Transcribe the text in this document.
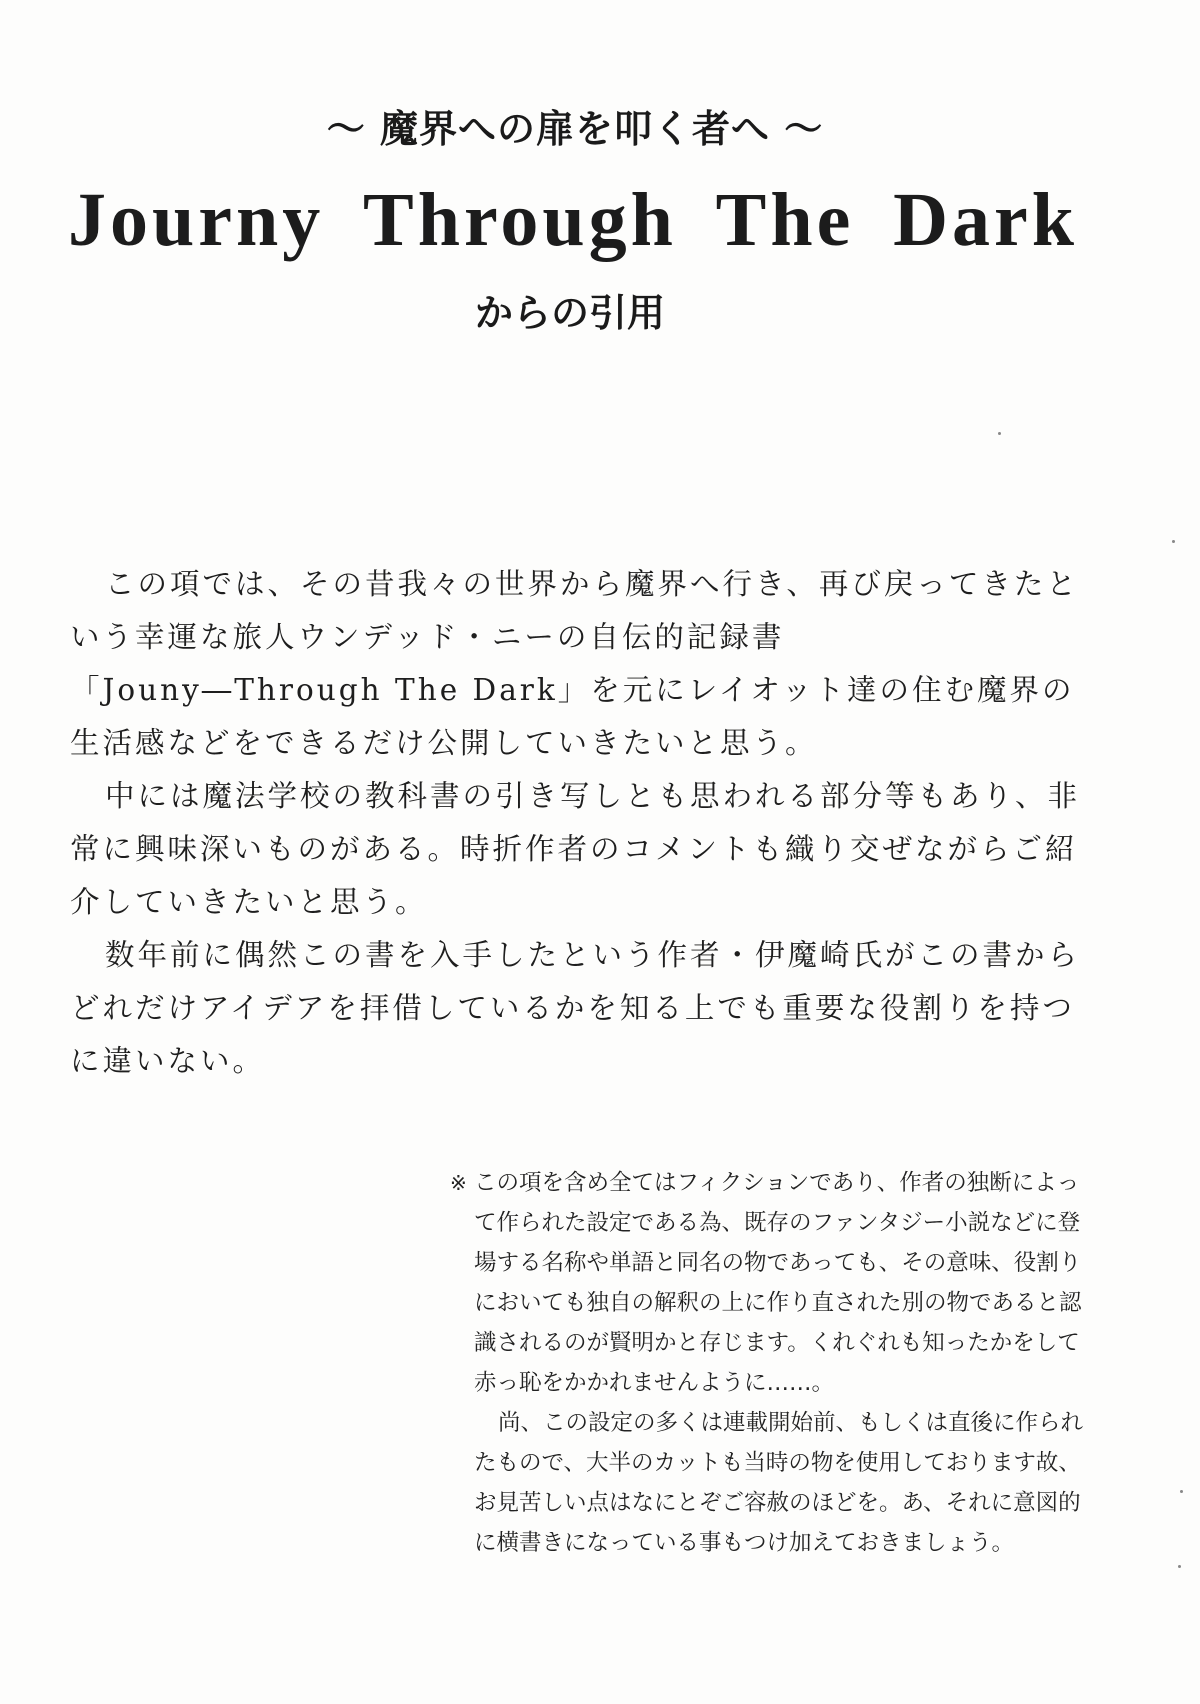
～ 魔界への扉を叩く者へ ～
Journy Through The Dark
からの引用

この項では、その昔我々の世界から魔界へ行き、再び戻ってきたという幸運な旅人ウンデッド・ニーの自伝的記録書「Jouny―Through The Dark」を元にレイオット達の住む魔界の生活感などをできるだけ公開していきたいと思う。

中には魔法学校の教科書の引き写しとも思われる部分等もあり、非常に興味深いものがある。時折作者のコメントも織り交ぜながらご紹介していきたいと思う。

数年前に偶然この書を入手したという作者・伊魔崎氏がこの書からどれだけアイデアを拝借しているかを知る上でも重要な役割りを持つに違いない。

※ この項を含め全てはフィクションであり、作者の独断によって作られた設定である為、既存のファンタジー小説などに登場する名称や単語と同名の物であっても、その意味、役割りにおいても独自の解釈の上に作り直された別の物であると認識されるのが賢明かと存じます。くれぐれも知ったかをして赤っ恥をかかれませんように……。

尚、この設定の多くは連載開始前、もしくは直後に作られたもので、大半のカットも当時の物を使用しております故、お見苦しい点はなにとぞご容赦のほどを。あ、それに意図的に横書きになっている事もつけ加えておきましょう。
